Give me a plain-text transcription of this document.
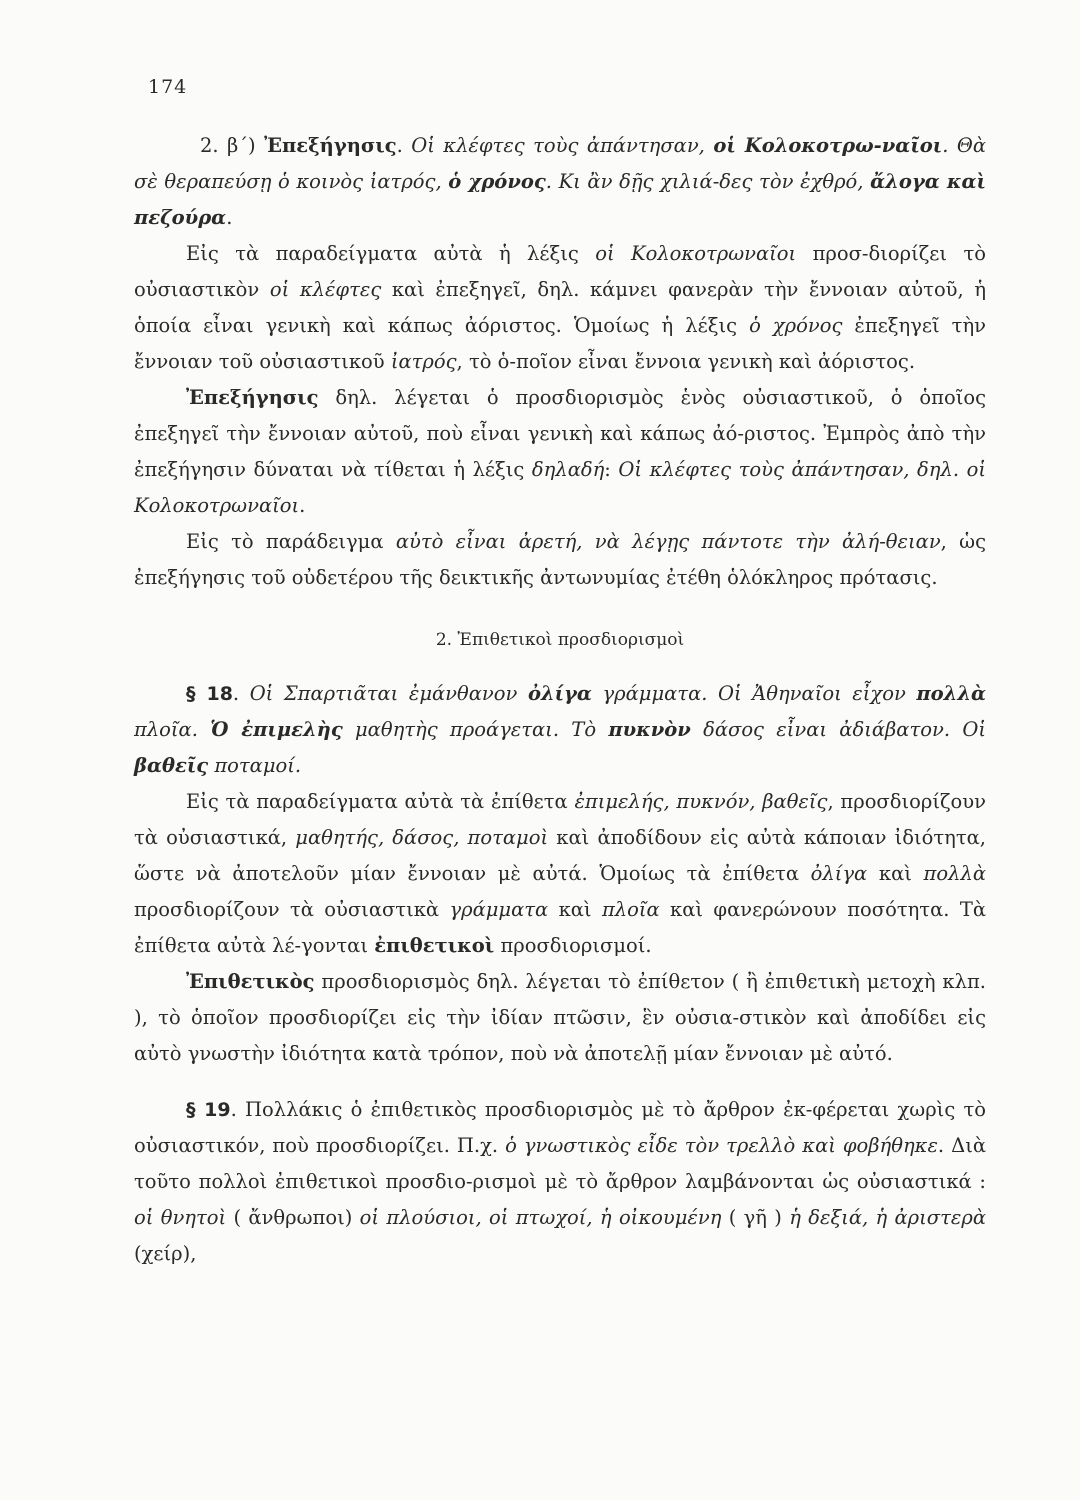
174

2. β΄) Ἐπεξήγησις. Οἱ κλέφτες τοὺς ἀπάντησαν, οἱ Κολοκοτρω-ναῖοι. Θὰ σὲ θεραπεύσῃ ὁ κοινὸς ἰατρός, ὁ χρόνος. Κι ἂν δῇς χιλιά-δες τὸν ἐχθρό, ἄλογα καὶ πεζούρα.

Εἰς τὰ παραδείγματα αὐτὰ ἡ λέξις οἱ Κολοκοτρωναῖοι προσ-διορίζει τὸ οὐσιαστικὸν οἱ κλέφτες καὶ ἐπεξηγεῖ, δηλ. κάμνει φανερὰν τὴν ἔννοιαν αὐτοῦ, ἡ ὁποία εἶναι γενικὴ καὶ κάπως ἀόριστος. Ὁμοίως ἡ λέξις ὁ χρόνος ἐπεξηγεῖ τὴν ἔννοιαν τοῦ οὐσιαστικοῦ ἰατρός, τὸ ὁ-ποῖον εἶναι ἔννοια γενικὴ καὶ ἀόριστος.

Ἐπεξήγησις δηλ. λέγεται ὁ προσδιορισμὸς ἑνὸς οὐσιαστικοῦ, ὁ ὁποῖος ἐπεξηγεῖ τὴν ἔννοιαν αὐτοῦ, ποὺ εἶναι γενικὴ καὶ κάπως ἀό-ριστος. Ἐμπρὸς ἀπὸ τὴν ἐπεξήγησιν δύναται νὰ τίθεται ἡ λέξις δηλαδή: Οἱ κλέφτες τοὺς ἀπάντησαν, δηλ. οἱ Κολοκοτρωναῖοι.

Εἰς τὸ παράδειγμα αὐτὸ εἶναι ἀρετή, νὰ λέγῃς πάντοτε τὴν ἀλή-θειαν, ὡς ἐπεξήγησις τοῦ οὐδετέρου τῆς δεικτικῆς ἀντωνυμίας ἐτέθη ὁλόκληρος πρότασις.

2. Ἐπιθετικοὶ προσδιορισμοὶ

§ 18. Οἱ Σπαρτιᾶται ἐμάνθανον ὀλίγα γράμματα. Οἱ Ἀθηναῖοι εἶχον πολλὰ πλοῖα. Ὁ ἐπιμελὴς μαθητὴς προάγεται. Τὸ πυκνὸν δάσος εἶναι ἀδιάβατον. Οἱ βαθεῖς ποταμοί.

Εἰς τὰ παραδείγματα αὐτὰ τὰ ἐπίθετα ἐπιμελής, πυκνόν, βαθεῖς, προσδιορίζουν τὰ οὐσιαστικά, μαθητής, δάσος, ποταμοὶ καὶ ἀποδίδουν εἰς αὐτὰ κάποιαν ἰδιότητα, ὥστε νὰ ἀποτελοῦν μίαν ἔννοιαν μὲ αὐτά. Ὁμοίως τὰ ἐπίθετα ὀλίγα καὶ πολλὰ προσδιορίζουν τὰ οὐσιαστικὰ γράμματα καὶ πλοῖα καὶ φανερώνουν ποσότητα. Τὰ ἐπίθετα αὐτὰ λέ-γονται ἐπιθετικοὶ προσδιορισμοί.

Ἐπιθετικὸς προσδιορισμὸς δηλ. λέγεται τὸ ἐπίθετον ( ἢ ἐπιθετικὴ μετοχὴ κλπ. ), τὸ ὁποῖον προσδιορίζει εἰς τὴν ἰδίαν πτῶσιν, ἓν οὐσια-στικὸν καὶ ἀποδίδει εἰς αὐτὸ γνωστὴν ἰδιότητα κατὰ τρόπον, ποὺ νὰ ἀποτελῇ μίαν ἔννοιαν μὲ αὐτό.

§ 19. Πολλάκις ὁ ἐπιθετικὸς προσδιορισμὸς μὲ τὸ ἄρθρον ἐκ-φέρεται χωρὶς τὸ οὐσιαστικόν, ποὺ προσδιορίζει. Π.χ. ὁ γνωστικὸς εἶδε τὸν τρελλὸ καὶ φοβήθηκε. Διὰ τοῦτο πολλοὶ ἐπιθετικοὶ προσδιο-ρισμοὶ μὲ τὸ ἄρθρον λαμβάνονται ὡς οὐσιαστικά : οἱ θνητοὶ ( ἄνθρωποι) οἱ πλούσιοι, οἱ πτωχοί, ἡ οἰκουμένη ( γῆ ) ἡ δεξιά, ἡ ἀριστερὰ (χείρ),
